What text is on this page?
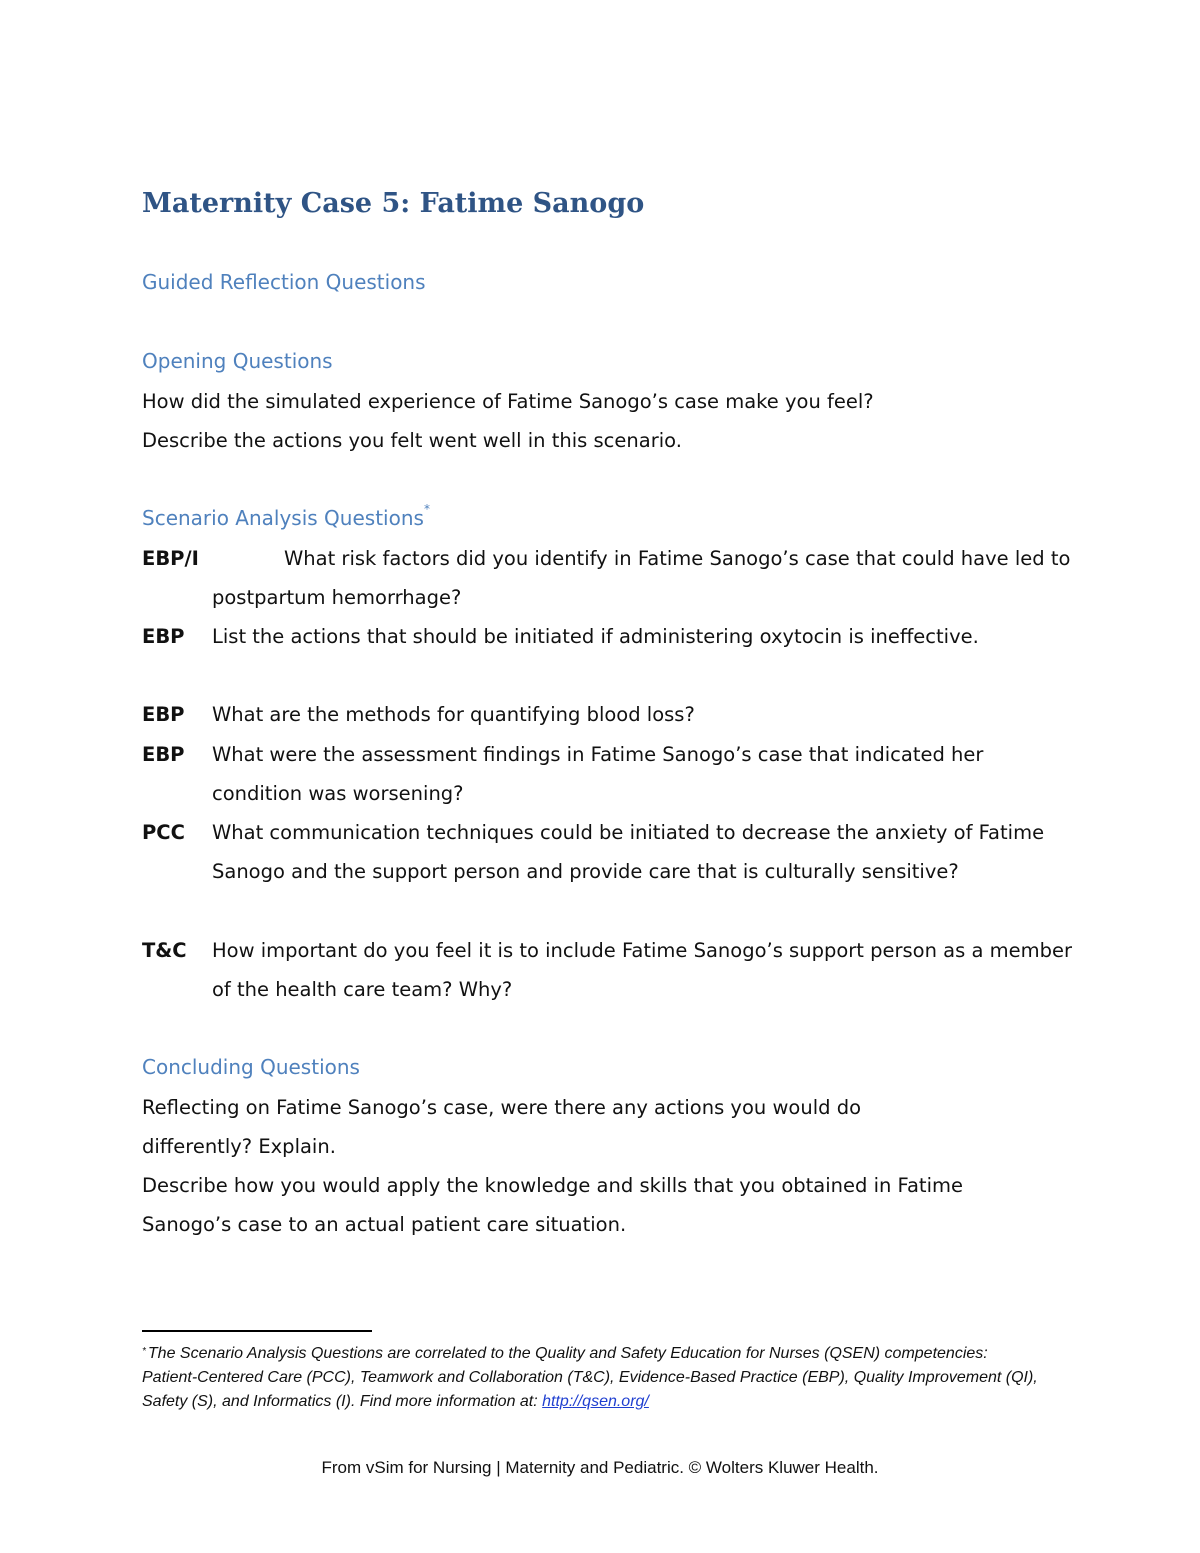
Maternity Case 5: Fatime Sanogo
Guided Reflection Questions
Opening Questions
How did the simulated experience of Fatime Sanogo’s case make you feel?
Describe the actions you felt went well in this scenario.
Scenario Analysis Questions*
EBP/I	What risk factors did you identify in Fatime Sanogo’s case that could have led to postpartum hemorrhage?
EBP List the actions that should be initiated if administering oxytocin is ineffective.
EBP What are the methods for quantifying blood loss?
EBP What were the assessment findings in Fatime Sanogo’s case that indicated her condition was worsening?
PCC What communication techniques could be initiated to decrease the anxiety of Fatime Sanogo and the support person and provide care that is culturally sensitive?
T&C How important do you feel it is to include Fatime Sanogo’s support person as a member of the health care team? Why?
Concluding Questions
Reflecting on Fatime Sanogo’s case, were there any actions you would do
differently? Explain.
Describe how you would apply the knowledge and skills that you obtained in Fatime
Sanogo’s case to an actual patient care situation.
* The Scenario Analysis Questions are correlated to the Quality and Safety Education for Nurses (QSEN) competencies: Patient-Centered Care (PCC), Teamwork and Collaboration (T&C), Evidence-Based Practice (EBP), Quality Improvement (QI), Safety (S), and Informatics (I). Find more information at: http://qsen.org/
From vSim for Nursing | Maternity and Pediatric. © Wolters Kluwer Health.
